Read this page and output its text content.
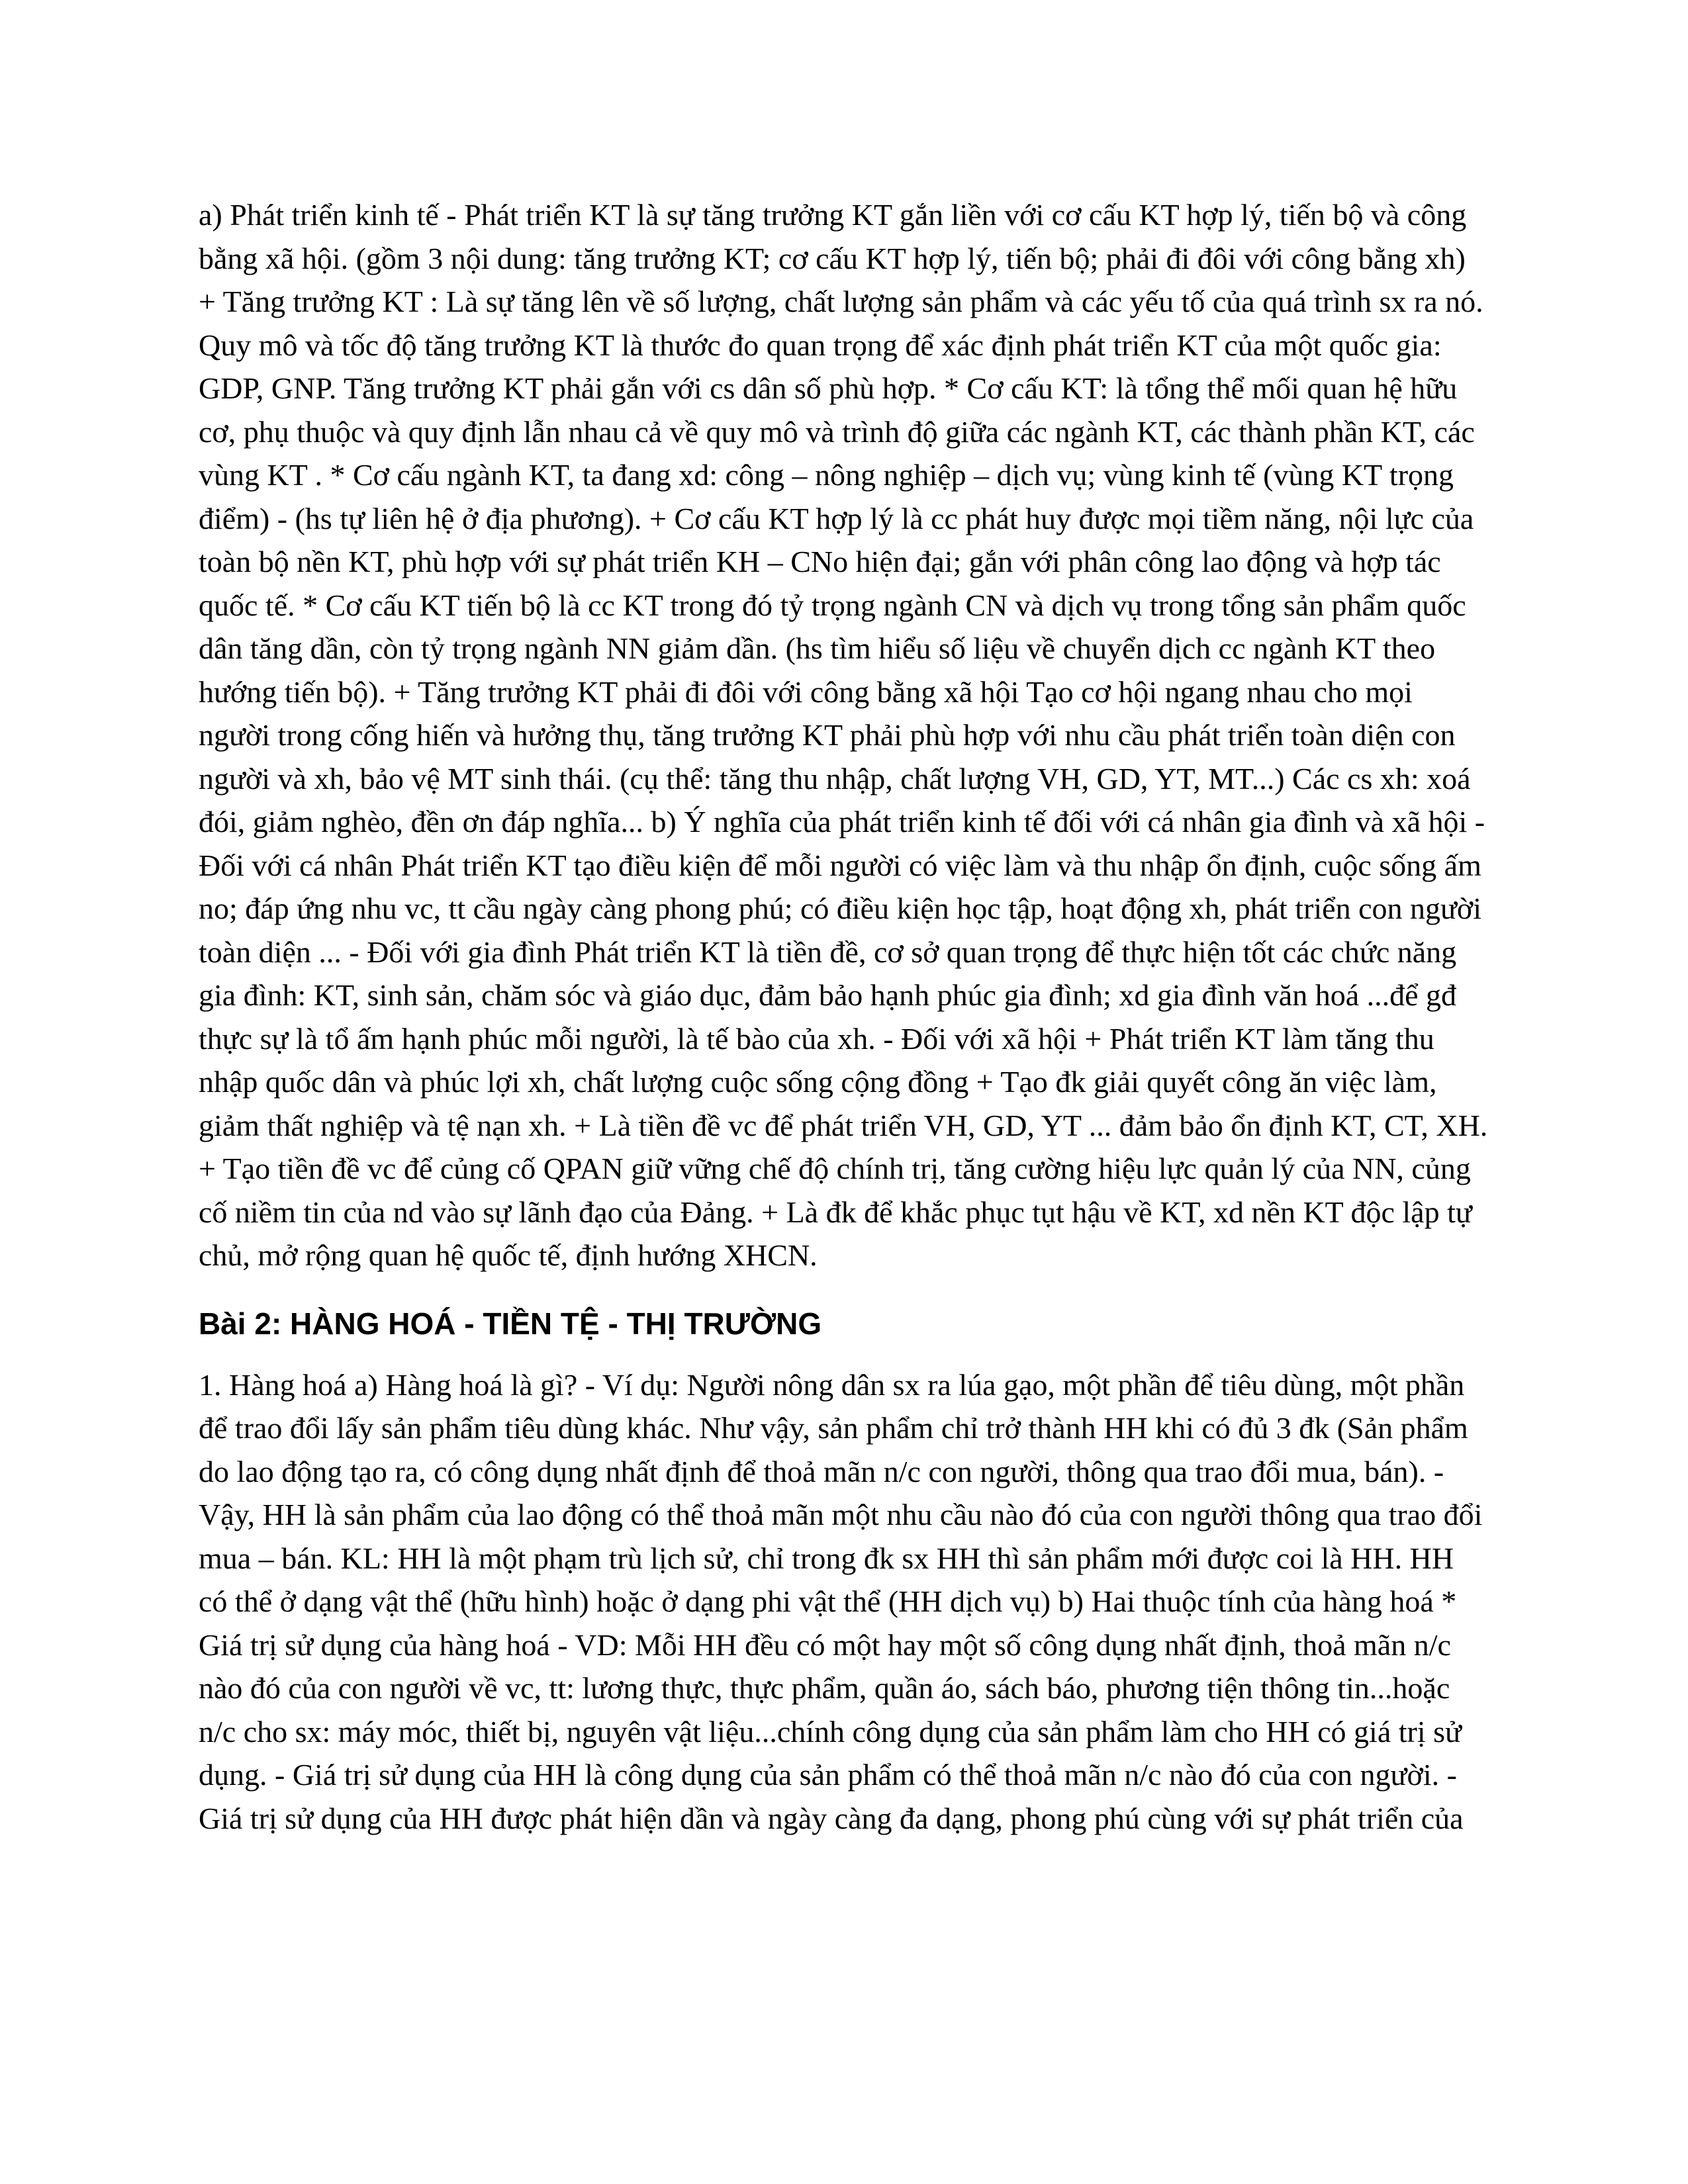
a) Phát triển kinh tế - Phát triển KT là sự tăng trưởng KT gắn liền với cơ cấu KT hợp lý, tiến bộ và công bằng xã hội. (gồm 3 nội dung: tăng trưởng KT; cơ cấu KT hợp lý, tiến bộ; phải đi đôi với công bằng xh) + Tăng trưởng KT : Là sự tăng lên về số lượng, chất lượng sản phẩm và các yếu tố của quá trình sx ra nó. Quy mô và tốc độ tăng trưởng KT là thước đo quan trọng để xác định phát triển KT của một quốc gia: GDP, GNP. Tăng trưởng KT phải gắn với cs dân số phù hợp. * Cơ cấu KT: là tổng thể mối quan hệ hữu cơ, phụ thuộc và quy định lẫn nhau cả về quy mô và trình độ giữa các ngành KT, các thành phần KT, các vùng KT . * Cơ cấu ngành KT, ta đang xd: công – nông nghiệp – dịch vụ; vùng kinh tế (vùng KT trọng điểm) - (hs tự liên hệ ở địa phương). + Cơ cấu KT hợp lý là cc phát huy được mọi tiềm năng, nội lực của toàn bộ nền KT, phù hợp với sự phát triển KH – CNo hiện đại; gắn với phân công lao động và hợp tác quốc tế. * Cơ cấu KT tiến bộ là cc KT trong đó tỷ trọng ngành CN và dịch vụ trong tổng sản phẩm quốc dân tăng dần, còn tỷ trọng ngành NN giảm dần. (hs tìm hiểu số liệu về chuyển dịch cc ngành KT theo hướng tiến bộ). + Tăng trưởng KT phải đi đôi với công bằng xã hội Tạo cơ hội ngang nhau cho mọi người trong cống hiến và hưởng thụ, tăng trưởng KT phải phù hợp với nhu cầu phát triển toàn diện con người và xh, bảo vệ MT sinh thái. (cụ thể: tăng thu nhập, chất lượng VH, GD, YT, MT...) Các cs xh: xoá đói, giảm nghèo, đền ơn đáp nghĩa... b) Ý nghĩa của phát triển kinh tế đối với cá nhân gia đình và xã hội - Đối với cá nhân Phát triển KT tạo điều kiện để mỗi người có việc làm và thu nhập ổn định, cuộc sống ấm no; đáp ứng nhu vc, tt cầu ngày càng phong phú; có điều kiện học tập, hoạt động xh, phát triển con người toàn diện ... - Đối với gia đình Phát triển KT là tiền đề, cơ sở quan trọng để thực hiện tốt các chức năng gia đình: KT, sinh sản, chăm sóc và giáo dục, đảm bảo hạnh phúc gia đình; xd gia đình văn hoá ...để gđ thực sự là tổ ấm hạnh phúc mỗi người, là tế bào của xh. - Đối với xã hội + Phát triển KT làm tăng thu nhập quốc dân và phúc lợi xh, chất lượng cuộc sống cộng đồng + Tạo đk giải quyết công ăn việc làm, giảm thất nghiệp và tệ nạn xh. + Là tiền đề vc để phát triển VH, GD, YT ... đảm bảo ổn định KT, CT, XH. + Tạo tiền đề vc để củng cố QPAN giữ vững chế độ chính trị, tăng cường hiệu lực quản lý của NN, củng cố niềm tin của nd vào sự lãnh đạo của Đảng. + Là đk để khắc phục tụt hậu về KT, xd nền KT độc lập tự chủ, mở rộng quan hệ quốc tế, định hướng XHCN.

Bài 2: HÀNG HOÁ - TIỀN TỆ - THỊ TRƯỜNG

1. Hàng hoá a) Hàng hoá là gì? - Ví dụ: Người nông dân sx ra lúa gạo, một phần để tiêu dùng, một phần để trao đổi lấy sản phẩm tiêu dùng khác. Như vậy, sản phẩm chỉ trở thành HH khi có đủ 3 đk (Sản phẩm do lao động tạo ra, có công dụng nhất định để thoả mãn n/c con người, thông qua trao đổi mua, bán). - Vậy, HH là sản phẩm của lao động có thể thoả mãn một nhu cầu nào đó của con người thông qua trao đổi mua – bán. KL: HH là một phạm trù lịch sử, chỉ trong đk sx HH thì sản phẩm mới được coi là HH. HH có thể ở dạng vật thể (hữu hình) hoặc ở dạng phi vật thể (HH dịch vụ) b) Hai thuộc tính của hàng hoá * Giá trị sử dụng của hàng hoá - VD: Mỗi HH đều có một hay một số công dụng nhất định, thoả mãn n/c nào đó của con người về vc, tt: lương thực, thực phẩm, quần áo, sách báo, phương tiện thông tin...hoặc n/c cho sx: máy móc, thiết bị, nguyên vật liệu...chính công dụng của sản phẩm làm cho HH có giá trị sử dụng. - Giá trị sử dụng của HH là công dụng của sản phẩm có thể thoả mãn n/c nào đó của con người. - Giá trị sử dụng của HH được phát hiện dần và ngày càng đa dạng, phong phú cùng với sự phát triển của
